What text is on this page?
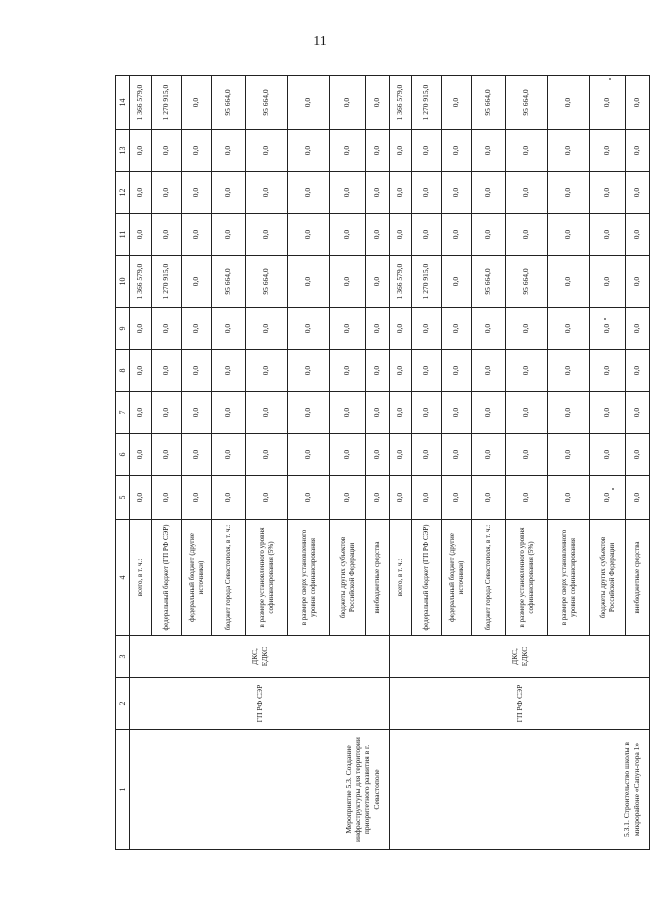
11
1	2	3	4	5	6	7	8	9	10	11	12	13	14
Мероприятие 5.3. Создание инфраструктуры для территории приоритетного развития в г. Севастополе	ГП РФ СЭР	ДКС, ЕДКС	всего, в т. ч.:	0,0	0,0	0,0	0,0	0,0	1 366 579,0	0,0	0,0	0,0	1 366 579,0
			федеральный бюджет (ГП РФ СЭР)	0,0	0,0	0,0	0,0	0,0	1 270 915,0	0,0	0,0	0,0	1 270 915,0
			федеральный бюджет (другие источники)	0,0	0,0	0,0	0,0	0,0	0,0	0,0	0,0	0,0	0,0
			бюджет города Севастополя, в т. ч.:	0,0	0,0	0,0	0,0	0,0	95 664,0	0,0	0,0	0,0	95 664,0
			в размере установленного уровня софинансирования (5%)	0,0	0,0	0,0	0,0	0,0	95 664,0	0,0	0,0	0,0	95 664,0
			в размере сверх установленного уровня софинансирования	0,0	0,0	0,0	0,0	0,0	0,0	0,0	0,0	0,0	0,0
			бюджеты других субъектов Российской Федерации	0,0	0,0	0,0	0,0	0,0	0,0	0,0	0,0	0,0	0,0
			внебюджетные средства	0,0	0,0	0,0	0,0	0,0	0,0	0,0	0,0	0,0	0,0
5.3.1. Строительство школы в микрорайоне «Сапун-гора 1»	ГП РФ СЭР	ДКС, ЕДКС	всего, в т. ч.:	0,0	0,0	0,0	0,0	0,0	1 366 579,0	0,0	0,0	0,0	1 366 579,0
			федеральный бюджет (ГП РФ СЭР)	0,0	0,0	0,0	0,0	0,0	1 270 915,0	0,0	0,0	0,0	1 270 915,0
			федеральный бюджет (другие источники)	0,0	0,0	0,0	0,0	0,0	0,0	0,0	0,0	0,0	0,0
			бюджет города Севастополя, в т. ч.:	0,0	0,0	0,0	0,0	0,0	95 664,0	0,0	0,0	0,0	95 664,0
			в размере установленного уровня софинансирования (5%)	0,0	0,0	0,0	0,0	0,0	95 664,0	0,0	0,0	0,0	95 664,0
			в размере сверх установленного уровня софинансирования	0,0	0,0	0,0	0,0	0,0	0,0	0,0	0,0	0,0	0,0
			бюджеты других субъектов Российской Федерации	0,0	0,0	0,0	0,0	0,0	0,0	0,0	0,0	0,0	0,0
			внебюджетные средства	0,0	0,0	0,0	0,0	0,0	0,0	0,0	0,0	0,0	0,0
